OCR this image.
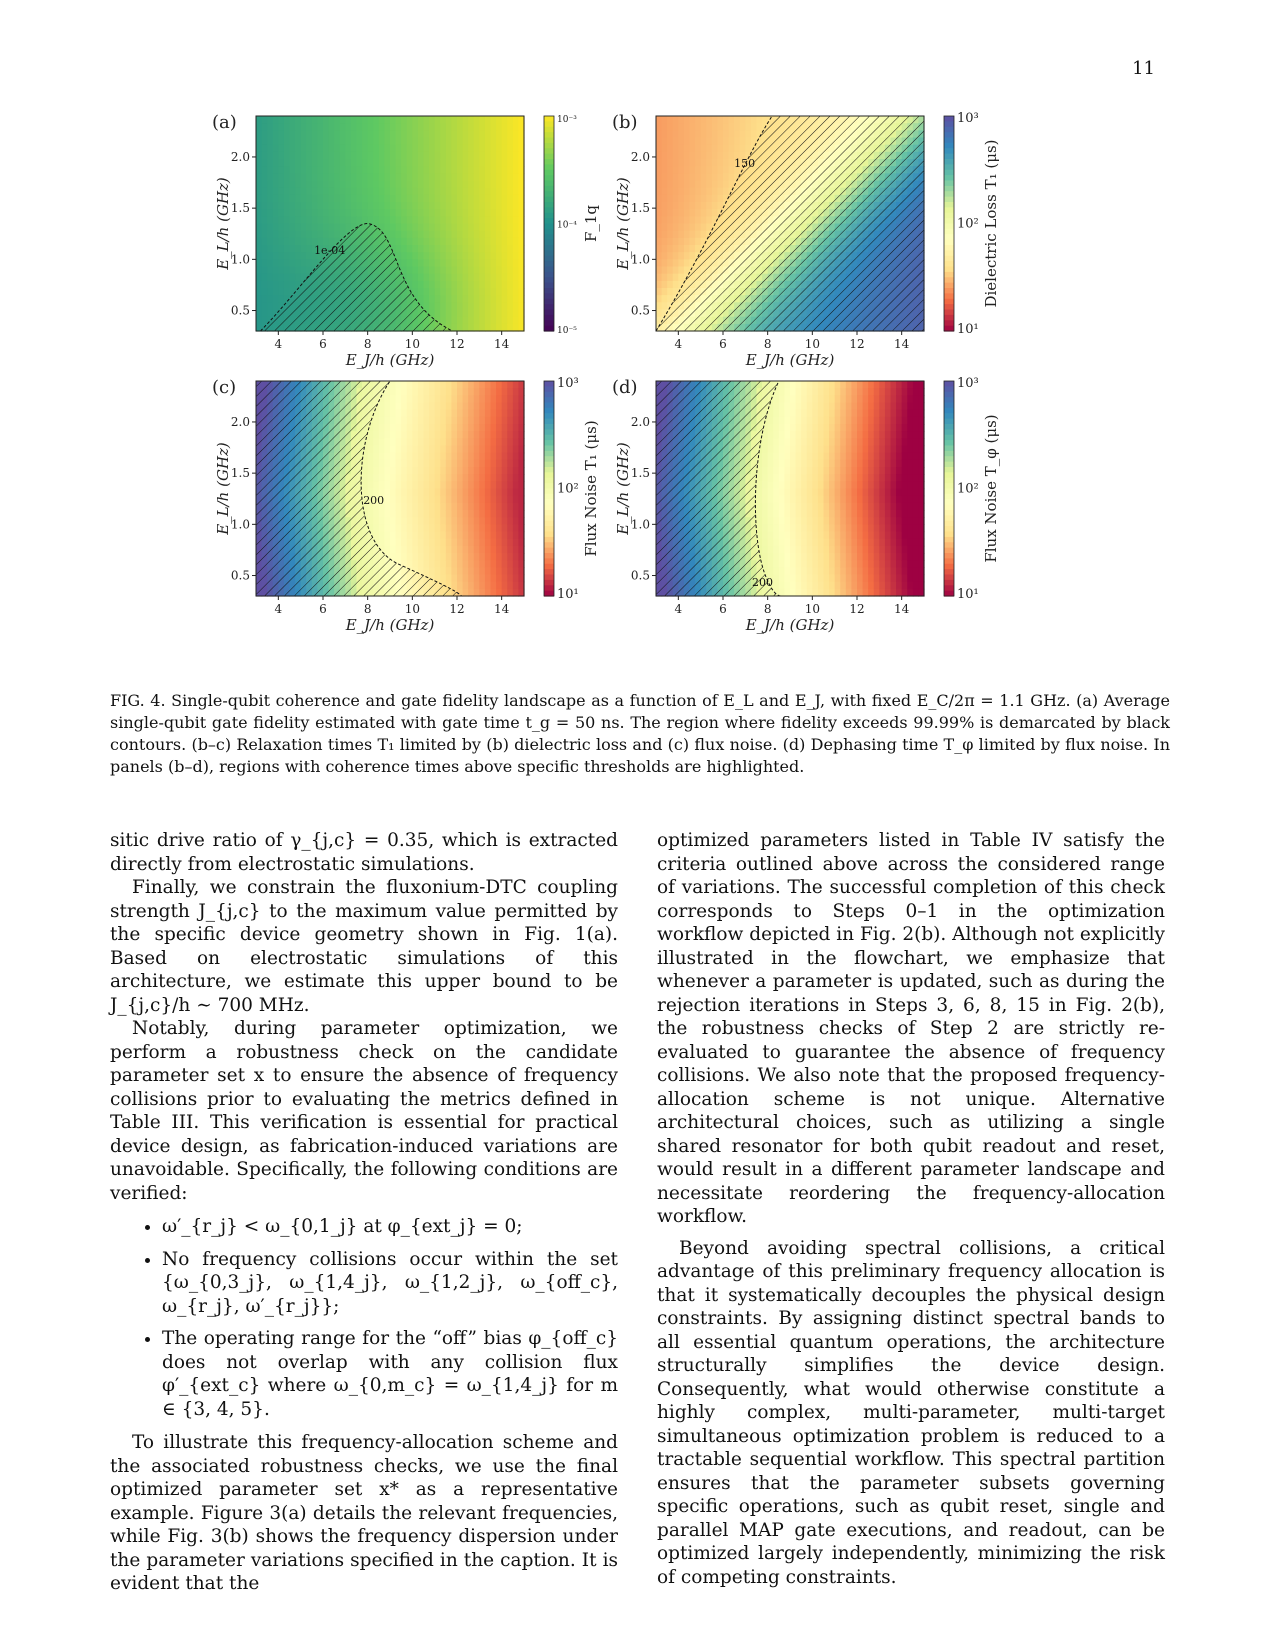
11
1e-04
(a)
4	6	8	10 12 14
0.5
1.0
1.5
2.0
E_J/h (GHz)
E_L/h (GHz)
10⁻³
10⁻⁴
10⁻⁵
F_1q
150
(b)
4	6	8	10 12 14
0.5
1.0
1.5
2.0
E_J/h (GHz)
E_L/h (GHz)
10³
10²
10¹
Dielectric Loss T₁ (μs)
200
(c)
4	6	8	10 12 14
0.5
1.0
1.5
2.0
E_J/h (GHz)
E_L/h (GHz)
10³
10²
10¹
Flux Noise T₁ (μs)
200
(d)
4	6	8	10 12 14
0.5
1.0
1.5
2.0
E_J/h (GHz)
E_L/h (GHz)
10³
10²
10¹
Flux Noise T_φ (μs)
FIG. 4. Single-qubit coherence and gate fidelity landscape as a function of E_L and E_J, with fixed E_C/2π = 1.1 GHz. (a) Average single-qubit gate fidelity estimated with gate time t_g = 50 ns. The region where fidelity exceeds 99.99% is demarcated by black contours. (b–c) Relaxation times T₁ limited by (b) dielectric loss and (c) flux noise. (d) Dephasing time T_φ limited by flux noise. In panels (b–d), regions with coherence times above specific thresholds are highlighted.

sitic drive ratio of γ_{j,c} = 0.35, which is extracted directly from electrostatic simulations.

Finally, we constrain the fluxonium-DTC coupling strength J_{j,c} to the maximum value permitted by the specific device geometry shown in Fig. 1(a). Based on electrostatic simulations of this architecture, we estimate this upper bound to be J_{j,c}/h ∼ 700 MHz.

Notably, during parameter optimization, we perform a robustness check on the candidate parameter set x to ensure the absence of frequency collisions prior to evaluating the metrics defined in Table III. This verification is essential for practical device design, as fabrication-induced variations are unavoidable. Specifically, the following conditions are verified:

• ω′_{r_j} < ω_{0,1_j} at φ_{ext_j} = 0;
• No frequency collisions occur within the set {ω_{0,3_j}, ω_{1,4_j}, ω_{1,2_j}, ω_{off_c}, ω_{r_j}, ω′_{r_j}};
• The operating range for the “off” bias φ_{off_c} does not overlap with any collision flux φ′_{ext_c} where ω_{0,m_c} = ω_{1,4_j} for m ∈ {3, 4, 5}.

To illustrate this frequency-allocation scheme and the associated robustness checks, we use the final optimized parameter set x* as a representative example. Figure 3(a) details the relevant frequencies, while Fig. 3(b) shows the frequency dispersion under the parameter variations specified in the caption. It is evident that the

optimized parameters listed in Table IV satisfy the criteria outlined above across the considered range of variations. The successful completion of this check corresponds to Steps 0–1 in the optimization workflow depicted in Fig. 2(b). Although not explicitly illustrated in the flowchart, we emphasize that whenever a parameter is updated, such as during the rejection iterations in Steps 3, 6, 8, 15 in Fig. 2(b), the robustness checks of Step 2 are strictly re-evaluated to guarantee the absence of frequency collisions. We also note that the proposed frequency-allocation scheme is not unique. Alternative architectural choices, such as utilizing a single shared resonator for both qubit readout and reset, would result in a different parameter landscape and necessitate reordering the frequency-allocation workflow.

Beyond avoiding spectral collisions, a critical advantage of this preliminary frequency allocation is that it systematically decouples the physical design constraints. By assigning distinct spectral bands to all essential quantum operations, the architecture structurally simplifies the device design. Consequently, what would otherwise constitute a highly complex, multi-parameter, multi-target simultaneous optimization problem is reduced to a tractable sequential workflow. This spectral partition ensures that the parameter subsets governing specific operations, such as qubit reset, single and parallel MAP gate executions, and readout, can be optimized largely independently, minimizing the risk of competing constraints.
